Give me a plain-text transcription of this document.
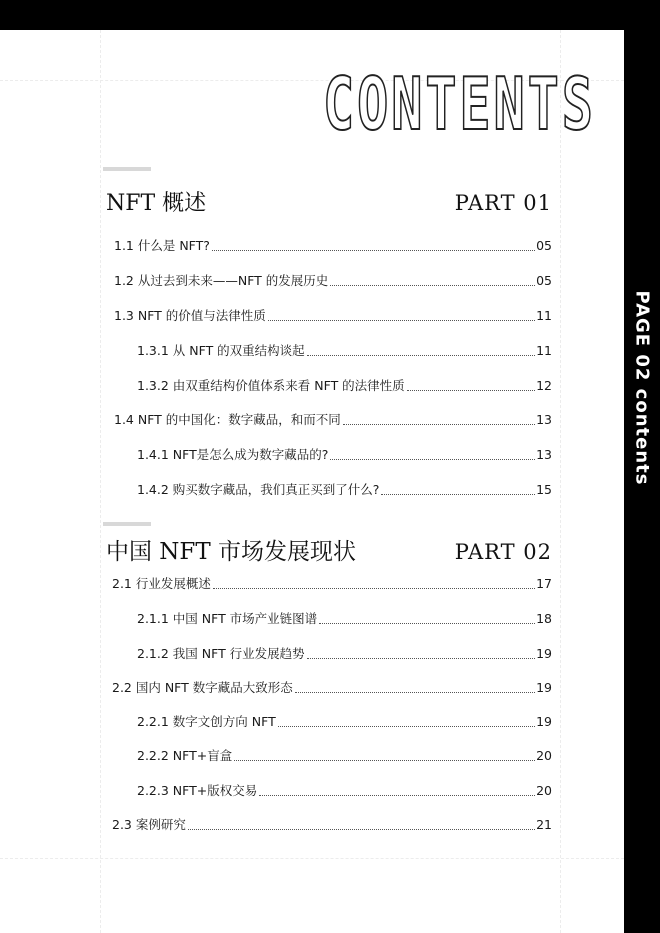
PAGE 02 contents
CONTENTS
NFT 概述	PART 01
1.1 什么是 NFT?	05
1.2 从过去到未来——NFT 的发展历史	05
1.3 NFT 的价值与法律性质	11
1.3.1 从 NFT 的双重结构谈起	11
1.3.2 由双重结构价值体系来看 NFT 的法律性质	12
1.4 NFT 的中国化：数字藏品，和而不同	13
1.4.1 NFT是怎么成为数字藏品的?	13
1.4.2 购买数字藏品，我们真正买到了什么?	15
中国 NFT 市场发展现状	PART 02
2.1 行业发展概述	17
2.1.1 中国 NFT 市场产业链图谱	18
2.1.2 我国 NFT 行业发展趋势	19
2.2 国内 NFT 数字藏品大致形态	19
2.2.1 数字文创方向 NFT	19
2.2.2 NFT+盲盒	20
2.2.3 NFT+版权交易	20
2.3 案例研究	21
